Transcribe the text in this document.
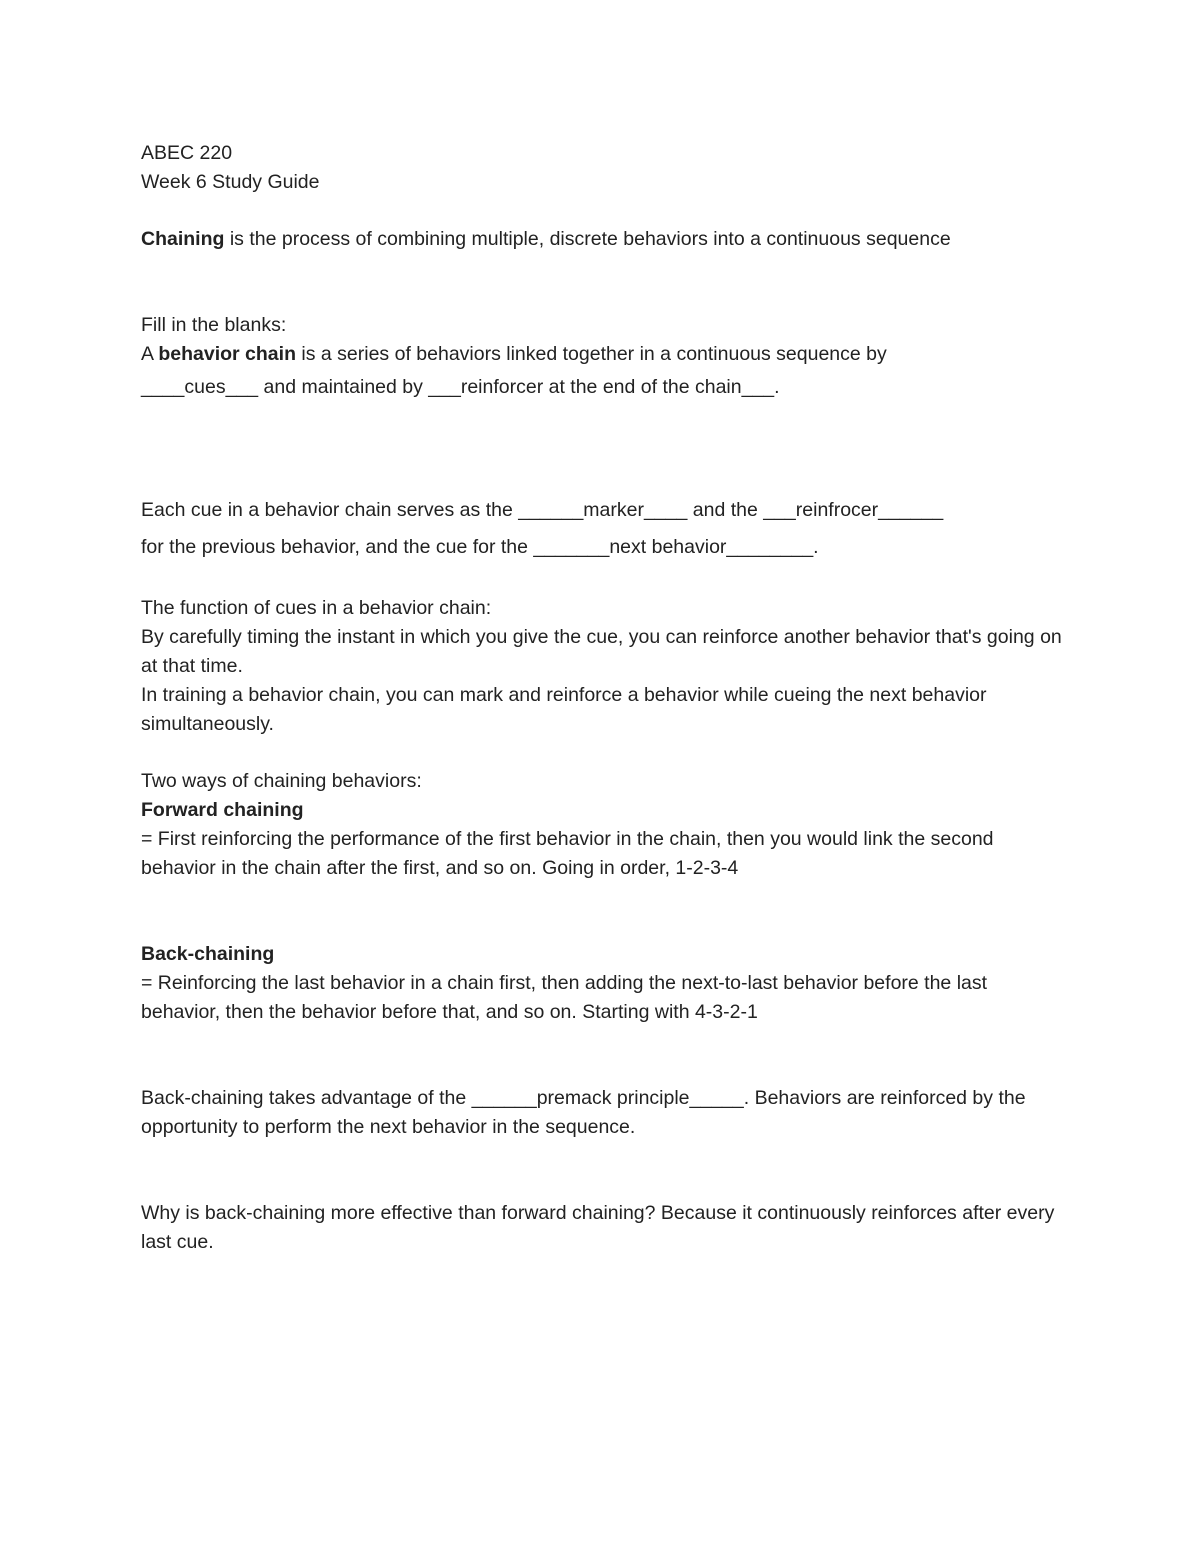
ABEC 220

Week 6 Study Guide

Chaining is the process of combining multiple, discrete behaviors into a continuous sequence

Fill in the blanks:

A behavior chain is a series of behaviors linked together in a continuous sequence by

____cues___ and maintained by ___reinforcer at the end of the chain___.

Each cue in a behavior chain serves as the ______marker____ and the ___reinfrocer______

for the previous behavior, and the cue for the _______next behavior________.

The function of cues in a behavior chain:

By carefully timing the instant in which you give the cue, you can reinforce another behavior that's going on at that time.

In training a behavior chain, you can mark and reinforce a behavior while cueing the next behavior simultaneously.

Two ways of chaining behaviors:

Forward chaining

= First reinforcing the performance of the first behavior in the chain, then you would link the second behavior in the chain after the first, and so on. Going in order, 1-2-3-4

Back-chaining

= Reinforcing the last behavior in a chain first, then adding the next-to-last behavior before the last behavior, then the behavior before that, and so on. Starting with 4-3-2-1

Back-chaining takes advantage of the ______premack principle_____. Behaviors are reinforced by the opportunity to perform the next behavior in the sequence.

Why is back-chaining more effective than forward chaining? Because it continuously reinforces after every last cue.
